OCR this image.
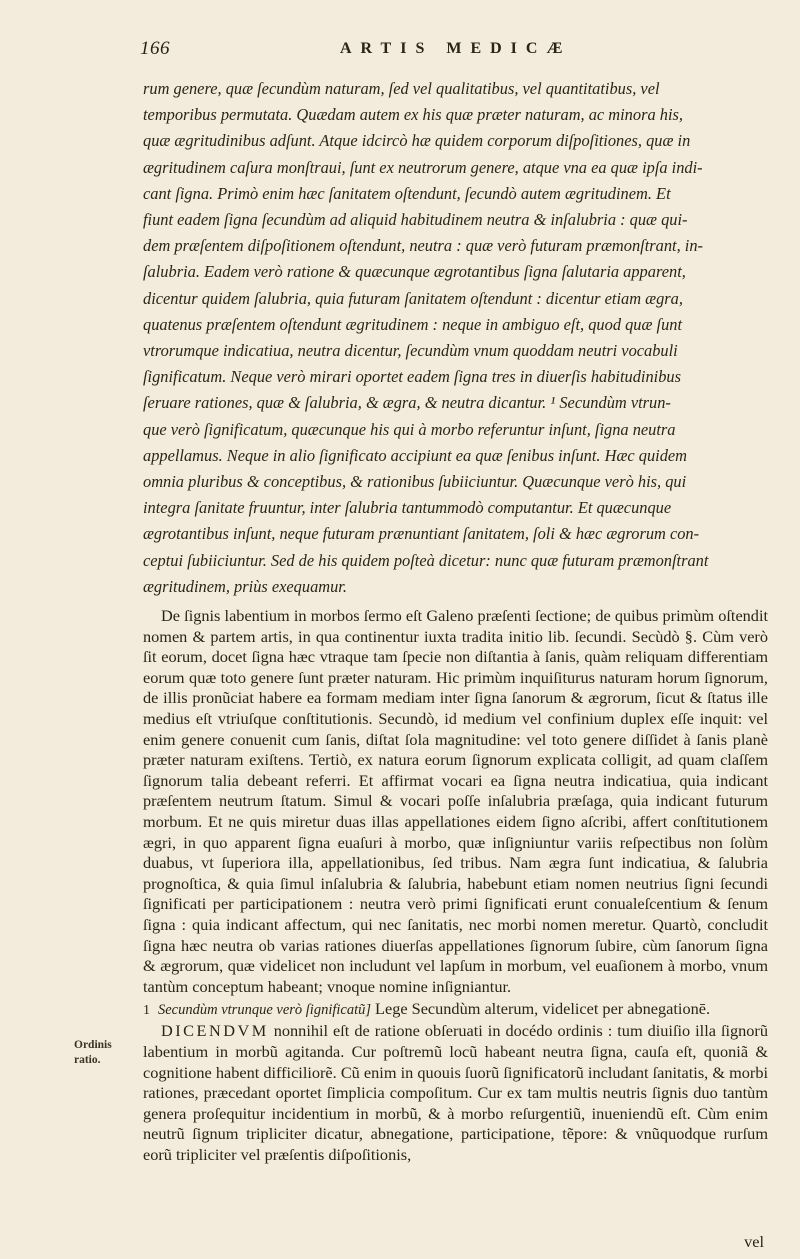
166	ARTIS MEDICÆ
rum genere, quæ ſecundùm naturam, ſed vel qualitatibus, vel quantitatibus, vel
temporibus permutata. Quædam autem ex his quæ præter naturam, ac minora his,
quæ ægritudinibus adſunt. Atque idcircò hæ quidem corporum diſpoſitiones, quæ in
ægritudinem caſura monſtraui, ſunt ex neutrorum genere, atque vna ea quæ ipſa indi-
cant ſigna. Primò enim hæc ſanitatem oſtendunt, ſecundò autem ægritudinem. Et
fiunt eadem ſigna ſecundùm ad aliquid habitudinem neutra & inſalubria : quæ qui-
dem præſentem diſpoſitionem oſtendunt, neutra : quæ verò futuram præmonſtrant, in-
ſalubria. Eadem verò ratione & quæcunque ægrotantibus ſigna ſalutaria apparent,
dicentur quidem ſalubria, quia futuram ſanitatem oſtendunt : dicentur etiam ægra,
quatenus præſentem oſtendunt ægritudinem : neque in ambiguo eſt, quod quæ ſunt
vtrorumque indicatiua, neutra dicentur, ſecundùm vnum quoddam neutri vocabuli
ſignificatum. Neque verò mirari oportet eadem ſigna tres in diuerſis habitudinibus
ſeruare rationes, quæ & ſalubria, & ægra, & neutra dicantur. ¹ Secundùm vtrun-
que verò ſignificatum, quæcunque his qui à morbo referuntur inſunt, ſigna neutra
appellamus. Neque in alio ſignificato accipiunt ea quæ ſenibus inſunt. Hæc quidem
omnia pluribus & conceptibus, & rationibus ſubiiciuntur. Quæcunque verò his, qui
integra ſanitate fruuntur, inter ſalubria tantummodò computantur. Et quæcunque
ægrotantibus inſunt, neque futuram prænuntiant ſanitatem, ſoli & hæc ægrorum con-
ceptui ſubiiciuntur. Sed de his quidem poſteà dicetur: nunc quæ futuram præmonſtrant
ægritudinem, priùs exequamur.
De ſignis labentium in morbos ſermo eſt Galeno præſenti ſectione; de quibus primùm oſtendit nomen & partem artis, in qua continentur iuxta tradita initio lib. ſecundi. Secùdò §. Cùm verò ſit eorum, docet ſigna hæc vtraque tam ſpecie non diſtantia à ſanis, quàm reliquam differentiam eorum quæ toto genere ſunt præter naturam. Hic primùm inquiſiturus naturam horum ſignorum, de illis pronũciat habere ea formam mediam inter ſigna ſanorum & ægrorum, ſicut & ſtatus ille medius eſt vtriuſque conſtitutionis. Secundò, id medium vel confinium duplex eſſe inquit: vel enim genere conuenit cum ſanis, diſtat ſola magnitudine: vel toto genere diſſidet à ſanis planè præter naturam exiſtens. Tertiò, ex natura eorum ſignorum explicata colligit, ad quam claſſem ſignorum talia debeant referri. Et affirmat vocari ea ſigna neutra indicatiua, quia indicant præſentem neutrum ſtatum. Simul & vocari poſſe inſalubria præſaga, quia indicant futurum morbum. Et ne quis miretur duas illas appellationes eidem ſigno aſcribi, affert conſtitutionem ægri, in quo apparent ſigna euaſuri à morbo, quæ inſigniuntur variis reſpectibus non ſolùm duabus, vt ſuperiora illa, appellationibus, ſed tribus. Nam ægra ſunt indicatiua, & ſalubria prognoſtica, & quia ſimul inſalubria & ſalubria, habebunt etiam nomen neutrius ſigni ſecundi ſignificati per participationem : neutra verò primi ſignificati erunt conualeſcentium & ſenum ſigna : quia indicant affectum, qui nec ſanitatis, nec morbi nomen meretur. Quartò, concludit ſigna hæc neutra ob varias rationes diuerſas appellationes ſignorum ſubire, cùm ſanorum ſigna & ægrorum, quæ videlicet non includunt vel lapſum in morbum, vel euaſionem à morbo, vnum tantùm conceptum habeant; vnoque nomine inſigniantur.
1 Secundùm vtrunque verò ſignificatũ] Lege Secundùm alterum, videlicet per abnegationē.
DICENDVM nonnihil eſt de ratione obſeruati in docédo ordinis : tum diuiſio illa ſignorũ labentium in morbũ agitanda. Cur poſtremũ locũ habeant neutra ſigna, cauſa eſt, quoniã & cognitione habent difficiliorẽ. Cũ enim in quouis ſuorũ ſignificatorũ includant ſanitatis, & morbi rationes, præcedant oportet ſimplicia compoſitum. Cur ex tam multis neutris ſignis duo tantùm genera proſequitur incidentium in morbũ, & à morbo reſurgentiũ, inueniendũ eſt. Cùm enim neutrũ ſignum tripliciter dicatur, abnegatione, participatione, tẽpore: & vnũquodque rurſum eorũ tripliciter vel præſentis diſpoſitionis,
Ordinis ratio.
vel
